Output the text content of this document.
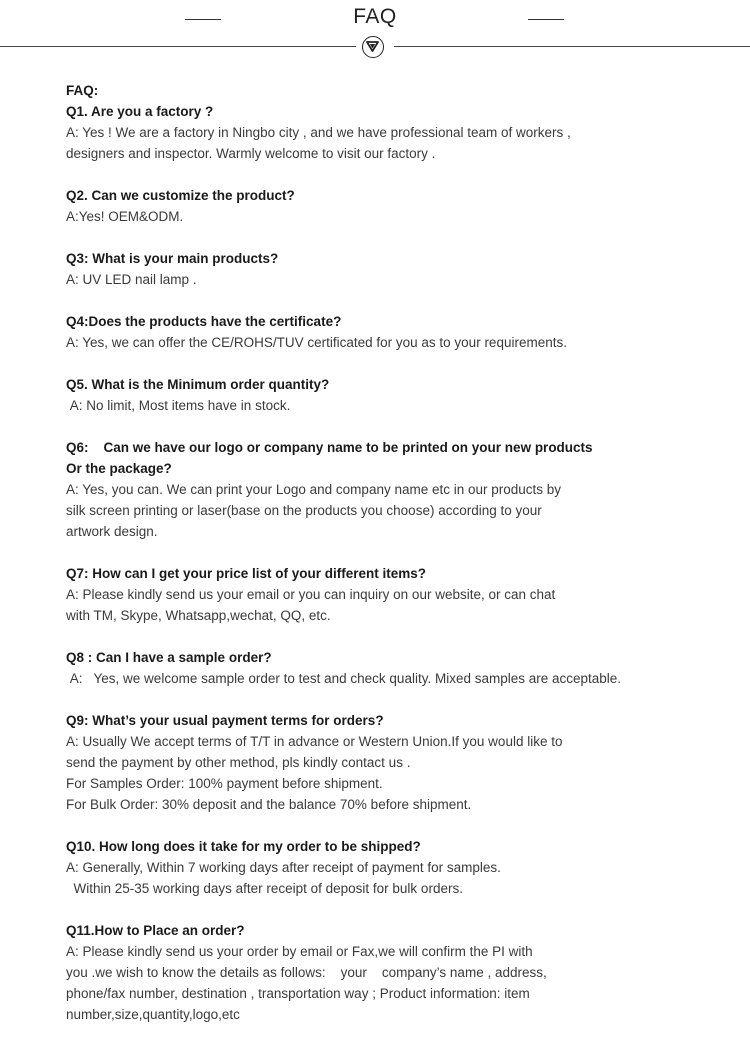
FAQ
FAQ:
Q1. Are you a factory ?
A: Yes ! We are a factory in Ningbo city , and we have professional team of workers ,
designers and inspector. Warmly welcome to visit our factory .
Q2. Can we customize the product?
A:Yes! OEM&ODM.
Q3: What is your main products?
A: UV LED nail lamp .
Q4:Does the products have the certificate?
A: Yes, we can offer the CE/ROHS/TUV certificated for you as to your requirements.
Q5. What is the Minimum order quantity?
A: No limit, Most items have in stock.
Q6:    Can we have our logo or company name to be printed on your new products
Or the package?
A: Yes, you can. We can print your Logo and company name etc in our products by
silk screen printing or laser(base on the products you choose) according to your
artwork design.
Q7: How can I get your price list of your different items?
A: Please kindly send us your email or you can inquiry on our website, or can chat
with TM, Skype, Whatsapp,wechat, QQ, etc.
Q8 : Can I have a sample order?
A:   Yes, we welcome sample order to test and check quality. Mixed samples are acceptable.
Q9: What’s your usual payment terms for orders?
A: Usually We accept terms of T/T in advance or Western Union.If you would like to
send the payment by other method, pls kindly contact us .
For Samples Order: 100% payment before shipment.
For Bulk Order: 30% deposit and the balance 70% before shipment.
Q10. How long does it take for my order to be shipped?
A: Generally, Within 7 working days after receipt of payment for samples.
Within 25-35 working days after receipt of deposit for bulk orders.
Q11.How to Place an order?
A: Please kindly send us your order by email or Fax,we will confirm the PI with
you .we wish to know the details as follows:    your    company’s name , address,
phone/fax number, destination , transportation way ; Product information: item
number,size,quantity,logo,etc
